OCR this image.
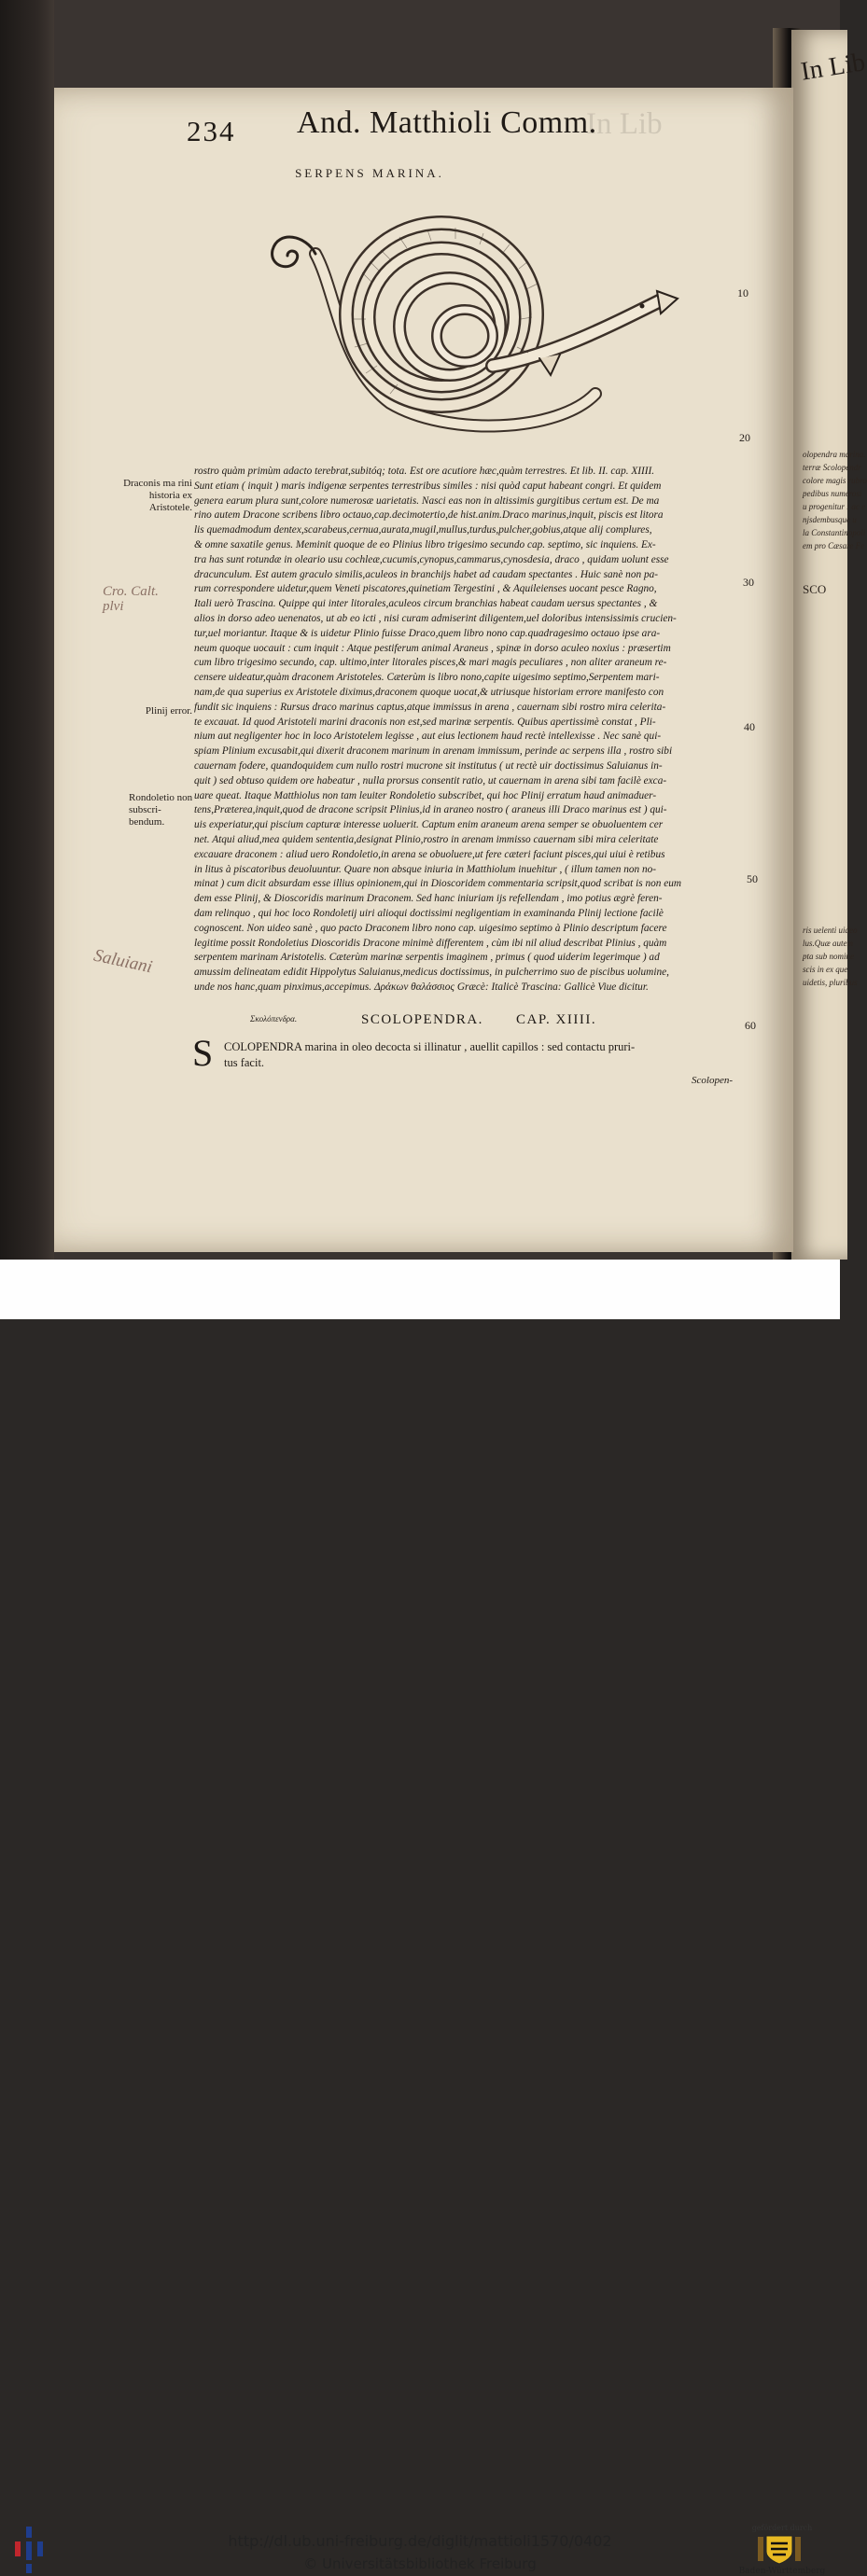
In Lib
olopendra marina.
terræ Scolopendr
colore magis rubro
pedibus numerosi
u progenitur : ac e
njsdembusque u
la Constantinopoli
em pro Cæsare Fe
SCO
ris uelenti uideo
lus.Quæ autem
pta sub nomine
scis in ex que
uidetis, pluribus
234 And. Matthioli Comm.
In Lib
SERPENS MARINA.
10
20
30
40
50
60
Draconis ma rini historia ex Aristotele.
Plinij error.
Rondoletio non subscri- bendum.
Cro. Calt. plvi
Saluiani

rostro quàm primùm adacto terebrat,subitóq; tota. Est ore acutiore hæc,quàm terrestres. Et lib. II. cap. XIIII.

Sunt etiam ( inquit ) maris indigenæ serpentes terrestribus similes : nisi quòd caput habeant congri. Et quidem

genera earum plura sunt,colore numerosæ uarietatis. Nasci eas non in altissimis gurgitibus certum est. De ma

rino autem Dracone scribens libro octauo,cap.decimotertio,de hist.anim.Draco marinus,inquit, piscis est litora

lis quemadmodum dentex,scarabeus,cernua,aurata,mugil,mullus,turdus,pulcher,gobius,atque alij complures,

& omne saxatile genus. Meminit quoque de eo Plinius libro trigesimo secundo cap. septimo, sic inquiens. Ex-

tra has sunt rotundæ in oleario usu cochleæ,cucumis,cynopus,cammarus,cynosdesia, draco , quidam uolunt esse

dracunculum. Est autem graculo similis,aculeos in branchijs habet ad caudam spectantes . Huic sanè non pa-

rum correspondere uidetur,quem Veneti piscatores,quinetiam Tergestini , & Aquileienses uocant pesce Ragno,

Itali uerò Trascina. Quippe qui inter litorales,aculeos circum branchias habeat caudam uersus spectantes , &

alios in dorso adeo uenenatos, ut ab eo icti , nisi curam admiserint diligentem,uel doloribus intensissimis crucien-

tur,uel moriantur. Itaque & is uidetur Plinio fuisse Draco,quem libro nono cap.quadragesimo octauo ipse ara-

neum quoque uocauit : cum inquit : Atque pestiferum animal Araneus , spinæ in dorso aculeo noxius : præsertim

cum libro trigesimo secundo, cap. ultimo,inter litorales pisces,& mari magis peculiares , non aliter araneum re-

censere uideatur,quàm draconem Aristoteles. Cæterùm is libro nono,capite uigesimo septimo,Serpentem mari-

nam,de qua superius ex Aristotele diximus,draconem quoque uocat,& utriusque historiam errore manifesto con

fundit sic inquiens : Rursus draco marinus captus,atque immissus in arena , cauernam sibi rostro mira celerita-

te excauat. Id quod Aristoteli marini draconis non est,sed marinæ serpentis. Quibus apertissimè constat , Pli-

nium aut negligenter hoc in loco Aristotelem legisse , aut eius lectionem haud rectè intellexisse . Nec sanè qui-

spiam Plinium excusabit,qui dixerit draconem marinum in arenam immissum, perinde ac serpens illa , rostro sibi

cauernam fodere, quandoquidem cum nullo rostri mucrone sit institutus ( ut rectè uir doctissimus Saluianus in-

quit ) sed obtuso quidem ore habeatur , nulla prorsus consentit ratio, ut cauernam in arena sibi tam facilè exca-

uare queat. Itaque Matthiolus non tam leuiter Rondoletio subscribet, qui hoc Plinij erratum haud animaduer-

tens,Præterea,inquit,quod de dracone scripsit Plinius,id in araneo nostro ( araneus illi Draco marinus est ) qui-

uis experiatur,qui piscium capturæ interesse uoluerit. Captum enim araneum arena semper se obuoluentem cer

net. Atqui aliud,mea quidem sententia,designat Plinio,rostro in arenam immisso cauernam sibi mira celeritate

excauare draconem : aliud uero Rondoletio,in arena se obuoluere,ut fere cæteri faciunt pisces,qui uiui è retibus

in litus à piscatoribus deuoluuntur. Quare non absque iniuria in Matthiolum inuehitur , ( illum tamen non no-

minat ) cum dicit absurdam esse illius opinionem,qui in Dioscoridem commentaria scripsit,quod scribat is non eum

dem esse Plinij, & Dioscoridis marinum Draconem. Sed hanc iniuriam ijs refellendam , imo potius ægrè feren-

dam relinquo , qui hoc loco Rondoletij uiri alioqui doctissimi negligentiam in examinanda Plinij lectione facilè

cognoscent. Non uideo sanè , quo pacto Draconem libro nono cap. uigesimo septimo à Plinio descriptum facere

legitime possit Rondoletius Dioscoridis Dracone minimè differentem , cùm ibi nil aliud describat Plinius , quàm

serpentem marinam Aristotelis. Cæterùm marinæ serpentis imaginem , primus ( quod uiderim legerimque ) ad

amussim delineatam edidit Hippolytus Saluianus,medicus doctissimus, in pulcherrimo suo de piscibus uolumine,

unde nos hanc,quam pinximus,accepimus. Δράκων θαλάσσιος Græcè: Italicè Trascina: Gallicè Viue dicitur.

Σκολόπενδρα.	SCOLOPENDRA. CAP. XIIII.
S COLOPENDRA marina in oleo decocta si illinatur , auellit capillos : sed contactu pruri-

tus facit.

Scolopen-
http://dl.ub.uni-freiburg.de/diglit/mattioli1570/0402
© Universitätsbibliothek Freiburg
gefördert durch
Baden-Württemberg
